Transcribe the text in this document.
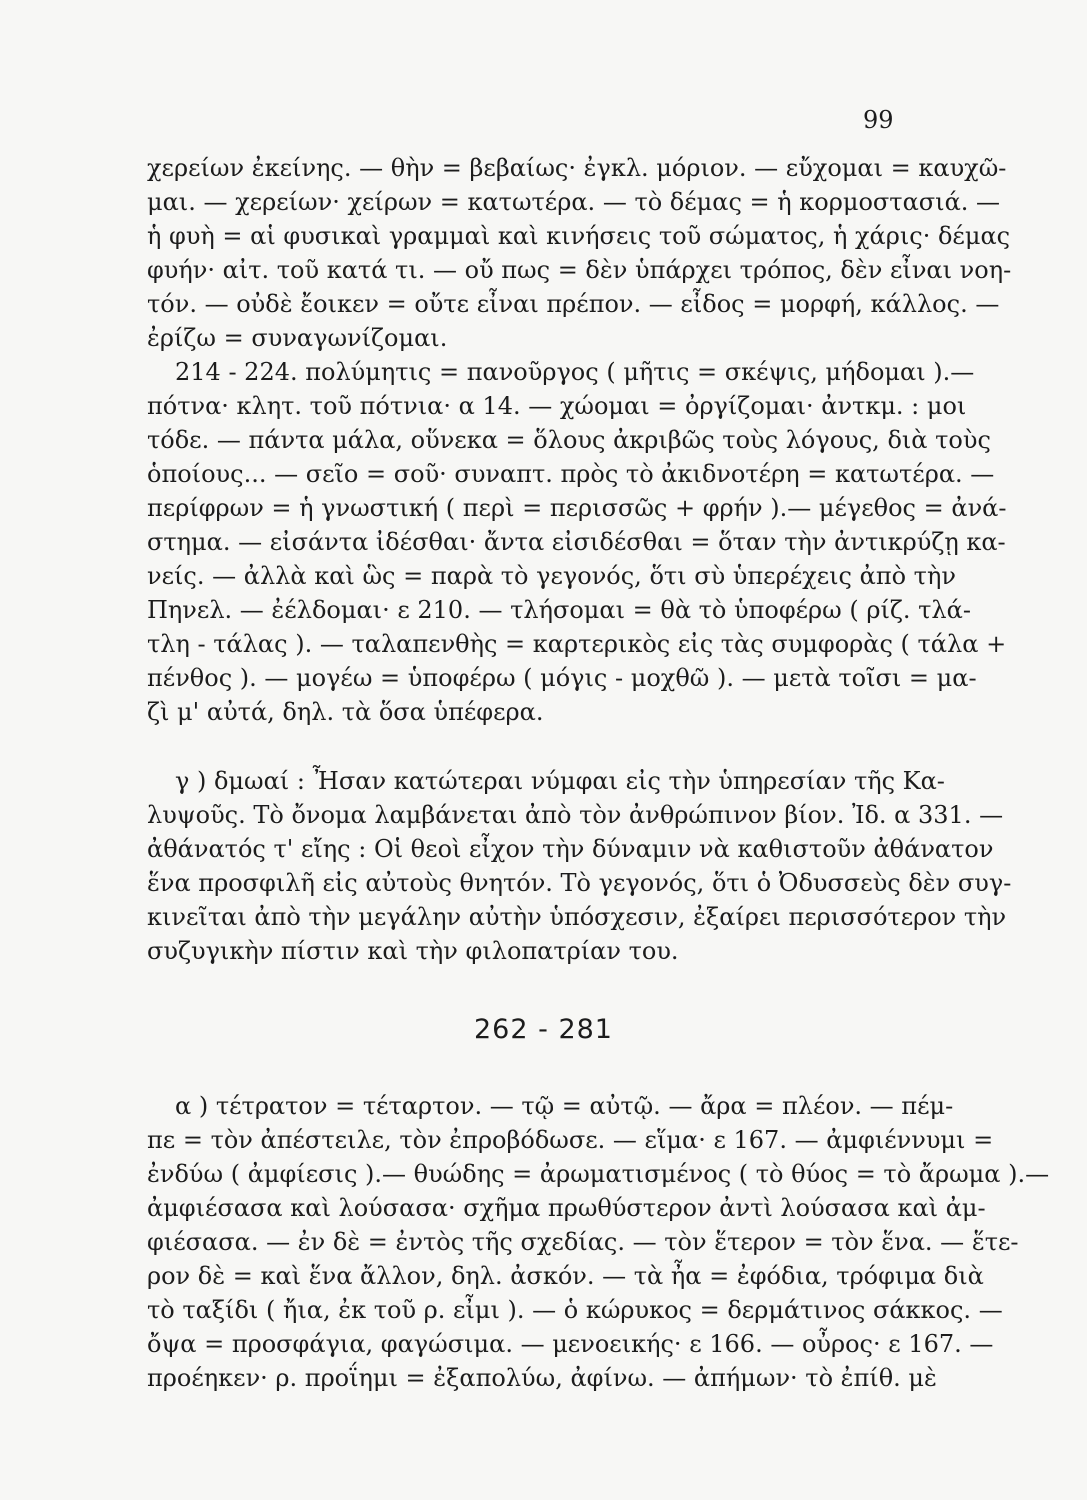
99
χερείων ἐκείνης. — θὴν = βεβαίως· ἐγκλ. μόριον. — εὔχομαι = καυχῶ-
μαι. — χερείων· χείρων = κατωτέρα. — τὸ δέμας = ἡ κορμοστασιά. —
ἡ φυὴ = αἱ φυσικαὶ γραμμαὶ καὶ κινήσεις τοῦ σώματος, ἡ χάρις· δέμας
φυήν· αἰτ. τοῦ κατά τι. — οὔ πως = δὲν ὑπάρχει τρόπος, δὲν εἶναι νοη-
τόν. — οὐδὲ ἔοικεν = οὔτε εἶναι πρέπον. — εἶδος = μορφή, κάλλος. —
ἐρίζω = συναγωνίζομαι.
214 - 224. πολύμητις = πανοῦργος ( μῆτις = σκέψις, μήδομαι ).—
πότνα· κλητ. τοῦ πότνια· α 14. — χώομαι = ὀργίζομαι· ἀντκμ. : μοι
τόδε. — πάντα μάλα, οὕνεκα = ὅλους ἀκριβῶς τοὺς λόγους, διὰ τοὺς
ὁποίους... — σεῖο = σοῦ· συναπτ. πρὸς τὸ ἀκιδνοτέρη = κατωτέρα. —
περίφρων = ἡ γνωστική ( περὶ = περισσῶς + φρήν ).— μέγεθος = ἀνά-
στημα. — εἰσάντα ἰδέσθαι· ἄντα εἰσιδέσθαι = ὅταν τὴν ἀντικρύζῃ κα-
νείς. — ἀλλὰ καὶ ὣς = παρὰ τὸ γεγονός, ὅτι σὺ ὑπερέχεις ἀπὸ τὴν
Πηνελ. — ἐέλδομαι· ε 210. — τλήσομαι = θὰ τὸ ὑποφέρω ( ρίζ. τλά-
τλη - τάλας ). — ταλαπενθὴς = καρτερικὸς εἰς τὰς συμφορὰς ( τάλα +
πένθος ). — μογέω = ὑποφέρω ( μόγις - μοχθῶ ). — μετὰ τοῖσι = μα-
ζὶ μ' αὐτά, δηλ. τὰ ὅσα ὑπέφερα.
γ ) δμωαί : Ἦσαν κατώτεραι νύμφαι εἰς τὴν ὑπηρεσίαν τῆς Κα-
λυψοῦς. Τὸ ὄνομα λαμβάνεται ἀπὸ τὸν ἀνθρώπινον βίον. Ἰδ. α 331. —
ἀθάνατός τ' εἴης : Οἱ θεοὶ εἶχον τὴν δύναμιν νὰ καθιστοῦν ἀθάνατον
ἕνα προσφιλῆ εἰς αὐτοὺς θνητόν. Τὸ γεγονός, ὅτι ὁ Ὀδυσσεὺς δὲν συγ-
κινεῖται ἀπὸ τὴν μεγάλην αὐτὴν ὑπόσχεσιν, ἐξαίρει περισσότερον τὴν
συζυγικὴν πίστιν καὶ τὴν φιλοπατρίαν του.
262 - 281
α ) τέτρατον = τέταρτον. — τῷ = αὐτῷ. — ἄρα = πλέον. — πέμ-
πε = τὸν ἀπέστειλε, τὸν ἐπροβόδωσε. — εἵμα· ε 167. — ἀμφιέννυμι =
ἐνδύω ( ἀμφίεσις ).— θυώδης = ἀρωματισμένος ( τὸ θύος = τὸ ἄρωμα ).—
ἀμφιέσασα καὶ λούσασα· σχῆμα πρωθύστερον ἀντὶ λούσασα καὶ ἀμ-
φιέσασα. — ἐν δὲ = ἐντὸς τῆς σχεδίας. — τὸν ἕτερον = τὸν ἕνα. — ἕτε-
ρον δὲ = καὶ ἕνα ἄλλον, δηλ. ἀσκόν. — τὰ ἦα = ἐφόδια, τρόφιμα διὰ
τὸ ταξίδι ( ἤια, ἐκ τοῦ ρ. εἶμι ). — ὁ κώρυκος = δερμάτινος σάκκος. —
ὄψα = προσφάγια, φαγώσιμα. — μενοεικής· ε 166. — οὖρος· ε 167. —
προέηκεν· ρ. προΐημι = ἐξαπολύω, ἀφίνω. — ἀπήμων· τὸ ἐπίθ. μὲ
